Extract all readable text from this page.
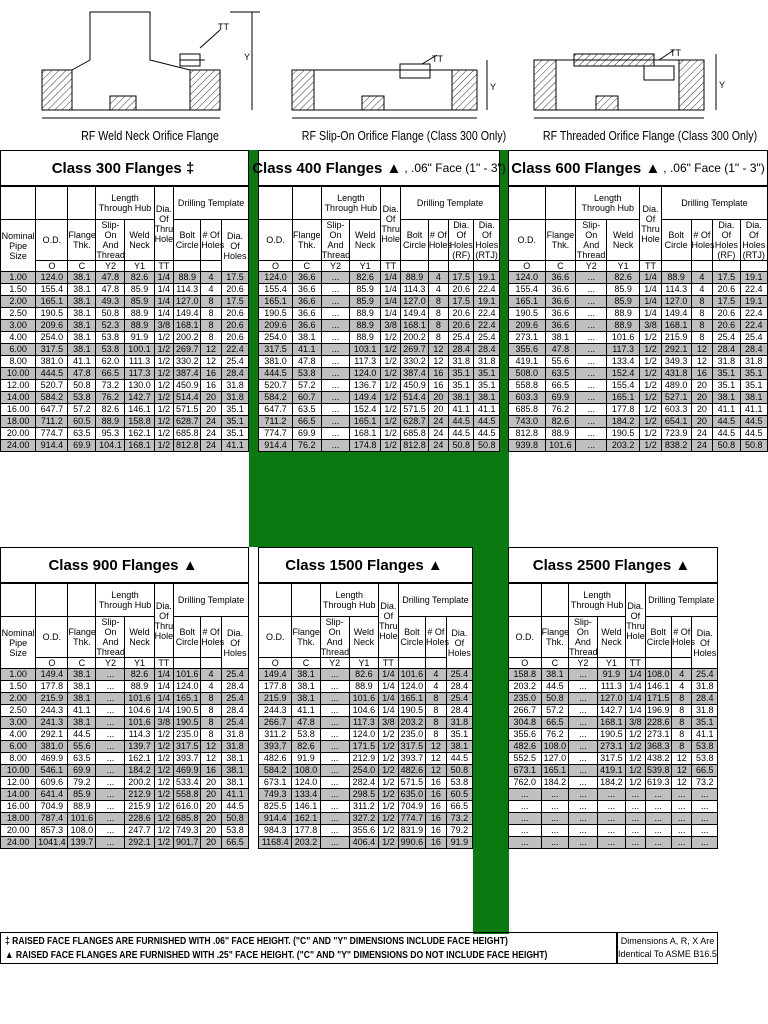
TT
Y
RF Weld Neck Orifice Flange
TT
Y
RF Slip-On Orifice Flange (Class 300 Only)
TT
Y
RF Threaded Orifice Flange (Class 300 Only)
Class 300 Flanges ‡
			Length Through Hub		Dia. Of Thru Hole	Drilling Template		
Nominal Pipe Size	O.D.	Flange Thk.	Slip-On And Thread	Weld Neck		Bolt Circle	# Of Holes	Dia. Of Holes
	O	C	Y2	Y1	TT			
1.00	124.0	38.1	47.8	82.6	1/4	88.9	4	17.5
1.50	155.4	38.1	47.8	85.9	1/4	114.3	4	20.6
2.00	165.1	38.1	49.3	85.9	1/4	127.0	8	17.5
2.50	190.5	38.1	50.8	88.9	1/4	149.4	8	20.6
3.00	209.6	38.1	52.3	88.9	3/8	168.1	8	20.6
4.00	254.0	38.1	53.8	91.9	1/2	200.2	8	20.6
6.00	317.5	38.1	53.8	100.1	1/2	269.7	12	22.4
8.00	381.0	41.1	62.0	111.3	1/2	330.2	12	25.4
10.00	444.5	47.8	66.5	117.3	1/2	387.4	16	28.4
12.00	520.7	50.8	73.2	130.0	1/2	450.9	16	31.8
14.00	584.2	53.8	76.2	142.7	1/2	514.4	20	31.8
16.00	647.7	57.2	82.6	146.1	1/2	571.5	20	35.1
18.00	711.2	60.5	88.9	158.8	1/2	628.7	24	35.1
20.00	774.7	63.5	95.3	162.1	1/2	685.8	24	35.1
24.00	914.4	69.9	104.1	168.1	1/2	812.8	24	41.1
Class 400 Flanges ▲ , .06" Face (1" - 3")
		Length Through Hub		Dia. Of Thru Hole	Drilling Template			
O.D.	Flange Thk.	Slip-On And Thread	Weld Neck		Bolt Circle	# Of Holes	Dia. Of Holes
(RF)	Dia. Of Holes
(RTJ)
O	C	Y2	Y1	TT				
124.0	36.6	...	82.6	1/4	88.9	4	17.5	19.1
155.4	36.6	...	85.9	1/4	114.3	4	20.6	22.4
165.1	36.6	...	85.9	1/4	127.0	8	17.5	19.1
190.5	36.6	...	88.9	1/4	149.4	8	20.6	22.4
209.6	36.6	...	88.9	3/8	168.1	8	20.6	22.4
254.0	38.1	...	88.9	1/2	200.2	8	25.4	25.4
317.5	41.1	...	103.1	1/2	269.7	12	28.4	28.4
381.0	47.8	...	117.3	1/2	330.2	12	31.8	31.8
444.5	53.8	...	124.0	1/2	387.4	16	35.1	35.1
520.7	57.2	...	136.7	1/2	450.9	16	35.1	35.1
584.2	60.7	...	149.4	1/2	514.4	20	38.1	38.1
647.7	63.5	...	152.4	1/2	571.5	20	41.1	41.1
711.2	66.5	...	165.1	1/2	628.7	24	44.5	44.5
774.7	69.9	...	168.1	1/2	685.8	24	44.5	44.5
914.4	76.2	...	174.8	1/2	812.8	24	50.8	50.8
Class 600 Flanges ▲ , .06" Face (1" - 3")
		Length Through Hub		Dia. Of Thru Hole	Drilling Template			
O.D.	Flange Thk.	Slip-On And Thread	Weld Neck		Bolt Circle	# Of Holes	Dia. Of Holes
(RF)	Dia. Of Holes
(RTJ)
O	C	Y2	Y1	TT				
124.0	36.6	...	82.6	1/4	88.9	4	17.5	19.1
155.4	36.6	...	85.9	1/4	114.3	4	20.6	22.4
165.1	36.6	...	85.9	1/4	127.0	8	17.5	19.1
190.5	36.6	...	88.9	1/4	149.4	8	20.6	22.4
209.6	36.6	...	88.9	3/8	168.1	8	20.6	22.4
273.1	38.1	...	101.6	1/2	215.9	8	25.4	25.4
355.6	47.8	...	117.3	1/2	292.1	12	28.4	28.4
419.1	55.6	...	133.4	1/2	349.3	12	31.8	31.8
508.0	63.5	...	152.4	1/2	431.8	16	35.1	35.1
558.8	66.5	...	155.4	1/2	489.0	20	35.1	35.1
603.3	69.9	...	165.1	1/2	527.1	20	38.1	38.1
685.8	76.2	...	177.8	1/2	603.3	20	41.1	41.1
743.0	82.6	...	184.2	1/2	654.1	20	44.5	44.5
812.8	88.9	...	190.5	1/2	723.9	24	44.5	44.5
939.8	101.6	...	203.2	1/2	838.2	24	50.8	50.8
Class 900 Flanges ▲
			Length Through Hub		Dia. Of Thru Hole	Drilling Template		
Nominal Pipe Size	O.D.	Flange Thk.	Slip-On And Thread	Weld Neck		Bolt Circle	# Of Holes	Dia. Of Holes
	O	C	Y2	Y1	TT			
1.00	149.4	38.1	...	82.6	1/4	101.6	4	25.4
1.50	177.8	38.1	...	88.9	1/4	124.0	4	28.4
2.00	215.9	38.1	...	101.6	1/4	165.1	8	25.4
2.50	244.3	41.1	...	104.6	1/4	190.5	8	28.4
3.00	241.3	38.1	...	101.6	3/8	190.5	8	25.4
4.00	292.1	44.5	...	114.3	1/2	235.0	8	31.8
6.00	381.0	55.6	...	139.7	1/2	317.5	12	31.8
8.00	469.9	63.5	...	162.1	1/2	393.7	12	38.1
10.00	546.1	69.9	...	184.2	1/2	469.9	16	38.1
12.00	609.6	79.2	...	200.2	1/2	533.4	20	38.1
14.00	641.4	85.9	...	212.9	1/2	558.8	20	41.1
16.00	704.9	88.9	...	215.9	1/2	616.0	20	44.5
18.00	787.4	101.6	...	228.6	1/2	685.8	20	50.8
20.00	857.3	108.0	...	247.7	1/2	749.3	20	53.8
24.00	1041.4	139.7	...	292.1	1/2	901.7	20	66.5
Class 1500 Flanges ▲
		Length Through Hub		Dia. Of Thru Hole	Drilling Template		
O.D.	Flange Thk.	Slip-On And Thread	Weld Neck		Bolt Circle	# Of Holes	Dia. Of Holes
O	C	Y2	Y1	TT			
149.4	38.1	...	82.6	1/4	101.6	4	25.4
177.8	38.1	...	88.9	1/4	124.0	4	28.4
215.9	38.1	...	101.6	1/4	165.1	8	25.4
244.3	41.1	...	104.6	1/4	190.5	8	28.4
266.7	47.8	...	117.3	3/8	203.2	8	31.8
311.2	53.8	...	124.0	1/2	235.0	8	35.1
393.7	82.6	...	171.5	1/2	317.5	12	38.1
482.6	91.9	...	212.9	1/2	393.7	12	44.5
584.2	108.0	...	254.0	1/2	482.6	12	50.8
673.1	124.0	...	282.4	1/2	571.5	16	53.8
749.3	133.4	...	298.5	1/2	635.0	16	60.5
825.5	146.1	...	311.2	1/2	704.9	16	66.5
914.4	162.1	...	327.2	1/2	774.7	16	73.2
984.3	177.8	...	355.6	1/2	831.9	16	79.2
1168.4	203.2	...	406.4	1/2	990.6	16	91.9
Class 2500 Flanges ▲
		Length Through Hub		Dia. Of Thru Hole	Drilling Template		
O.D.	Flange Thk.	Slip-On And Thread	Weld Neck		Bolt Circle	# Of Holes	Dia. Of Holes
O	C	Y2	Y1	TT			
158.8	38.1	...	91.9	1/4	108.0	4	25.4
203.2	44.5	...	111.3	1/4	146.1	4	31.8
235.0	50.8	...	127.0	1/4	171.5	8	28.4
266.7	57.2	...	142.7	1/4	196.9	8	31.8
304.8	66.5	...	168.1	3/8	228.6	8	35.1
355.6	76.2	...	190.5	1/2	273.1	8	41.1
482.6	108.0	...	273.1	1/2	368.3	8	53.8
552.5	127.0	...	317.5	1/2	438.2	12	53.8
673.1	165.1	...	419.1	1/2	539.8	12	66.5
762.0	184.2	...	184.2	1/2	619.3	12	73.2
...	...	...	...	...	...	...	...
...	...	...	...	...	...	...	...
...	...	...	...	...	...	...	...
...	...	...	...	...	...	...	...
...	...	...	...	...	...	...	...
‡ RAISED FACE FLANGES ARE FURNISHED WITH .06" FACE HEIGHT. ("C" AND "Y" DIMENSIONS INCLUDE FACE HEIGHT)
▲ RAISED FACE FLANGES ARE FURNISHED WITH .25" FACE HEIGHT. ("C" AND "Y" DIMENSIONS DO NOT INCLUDE FACE HEIGHT)
Dimensions A, R, X Are Identical To ASME B16.5
